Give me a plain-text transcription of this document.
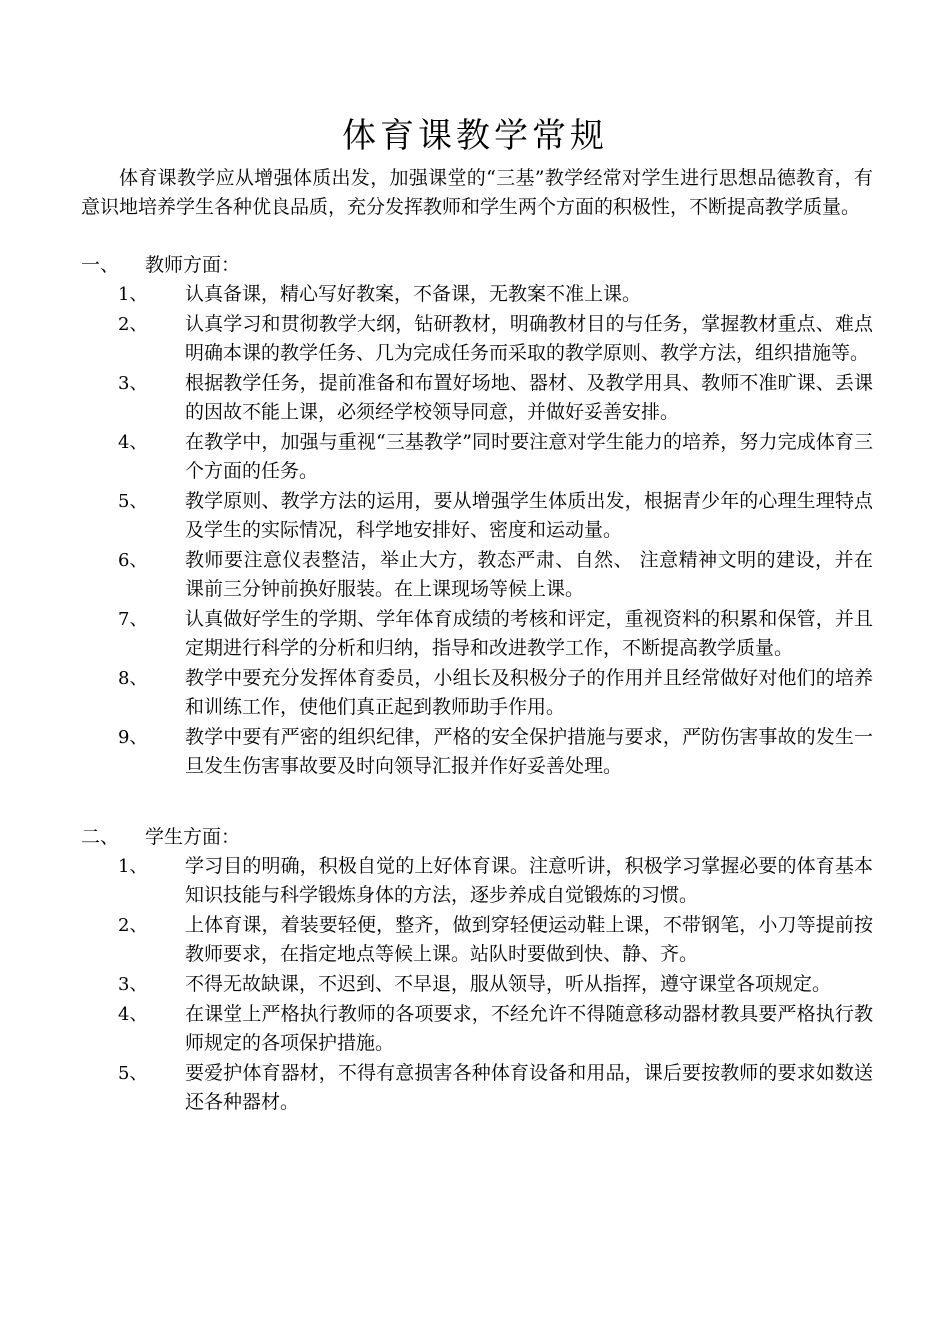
体育课教学常规

体育课教学应从增强体质出发，加强课堂的“三基”教学经常对学生进行思想品德教育，有意识地培养学生各种优良品质，充分发挥教师和学生两个方面的积极性，不断提高教学质量。

一、 教师方面：

1、 认真备课，精心写好教案，不备课，无教案不准上课。
2、 认真学习和贯彻教学大纲，钻研教材，明确教材目的与任务，掌握教材重点、难点明确本课的教学任务、几为完成任务而采取的教学原则、教学方法，组织措施等。
3、 根据教学任务，提前准备和布置好场地、器材、及教学用具、教师不准旷课、丢课的因故不能上课，必须经学校领导同意，并做好妥善安排。
4、 在教学中，加强与重视“三基教学”同时要注意对学生能力的培养，努力完成体育三个方面的任务。
5、 教学原则、教学方法的运用，要从增强学生体质出发，根据青少年的心理生理特点及学生的实际情况，科学地安排好、密度和运动量。
6、 教师要注意仪表整洁，举止大方，教态严肃、自然、 注意精神文明的建设，并在课前三分钟前换好服装。在上课现场等候上课。
7、 认真做好学生的学期、学年体育成绩的考核和评定，重视资料的积累和保管，并且定期进行科学的分析和归纳，指导和改进教学工作，不断提高教学质量。
8、 教学中要充分发挥体育委员，小组长及积极分子的作用并且经常做好对他们的培养和训练工作，使他们真正起到教师助手作用。
9、 教学中要有严密的组织纪律，严格的安全保护措施与要求，严防伤害事故的发生一旦发生伤害事故要及时向领导汇报并作好妥善处理。

二、 学生方面：

1、 学习目的明确，积极自觉的上好体育课。注意听讲，积极学习掌握必要的体育基本知识技能与科学锻炼身体的方法，逐步养成自觉锻炼的习惯。
2、 上体育课，着装要轻便，整齐，做到穿轻便运动鞋上课，不带钢笔，小刀等提前按教师要求，在指定地点等候上课。站队时要做到快、静、齐。
3、 不得无故缺课，不迟到、不早退，服从领导，听从指挥，遵守课堂各项规定。
4、 在课堂上严格执行教师的各项要求，不经允许不得随意移动器材教具要严格执行教师规定的各项保护措施。
5、 要爱护体育器材，不得有意损害各种体育设备和用品，课后要按教师的要求如数送还各种器材。
